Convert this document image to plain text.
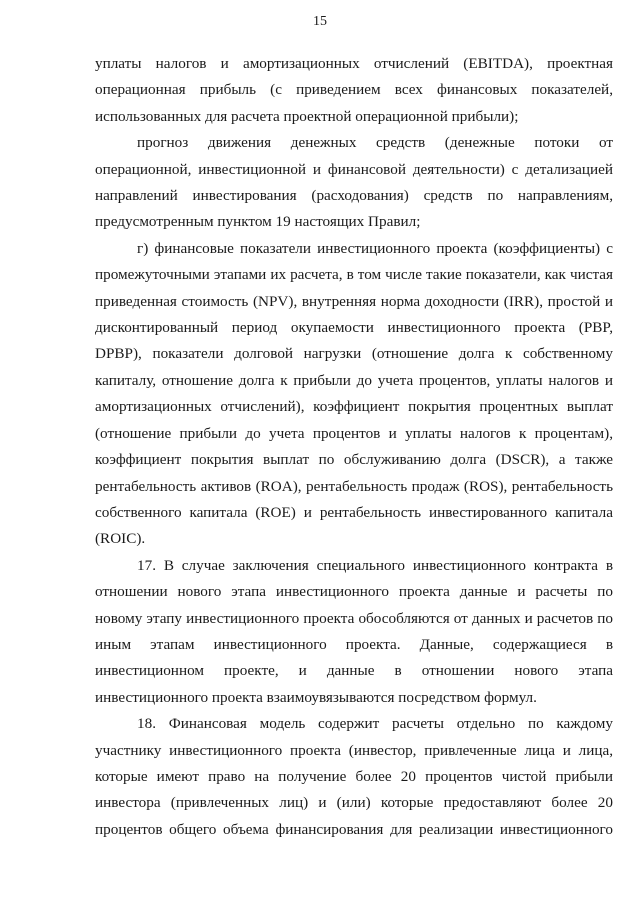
15

уплаты налогов и амортизационных отчислений (EBITDA), проектная операционная прибыль (с приведением всех финансовых показателей, использованных для расчета проектной операционной прибыли);

прогноз движения денежных средств (денежные потоки от операционной, инвестиционной и финансовой деятельности) с детализацией направлений инвестирования (расходования) средств по направлениям, предусмотренным пунктом 19 настоящих Правил;

г) финансовые показатели инвестиционного проекта (коэффициенты) с промежуточными этапами их расчета, в том числе такие показатели, как чистая приведенная стоимость (NPV), внутренняя норма доходности (IRR), простой и дисконтированный период окупаемости инвестиционного проекта (PBP, DPBP), показатели долговой нагрузки (отношение долга к собственному капиталу, отношение долга к прибыли до учета процентов, уплаты налогов и амортизационных отчислений), коэффициент покрытия процентных выплат (отношение прибыли до учета процентов и уплаты налогов к процентам), коэффициент покрытия выплат по обслуживанию долга (DSCR), а также рентабельность активов (ROA), рентабельность продаж (ROS), рентабельность собственного капитала (ROE) и рентабельность инвестированного капитала (ROIC).

17. В случае заключения специального инвестиционного контракта в отношении нового этапа инвестиционного проекта данные и расчеты по новому этапу инвестиционного проекта обособляются от данных и расчетов по иным этапам инвестиционного проекта. Данные, содержащиеся в инвестиционном проекте, и данные в отношении нового этапа инвестиционного проекта взаимоувязываются посредством формул.

18. Финансовая модель содержит расчеты отдельно по каждому участнику инвестиционного проекта (инвестор, привлеченные лица и лица, которые имеют право на получение более 20 процентов чистой прибыли инвестора (привлеченных лиц) и (или) которые предоставляют более 20 процентов общего объема финансирования для реализации инвестиционного
